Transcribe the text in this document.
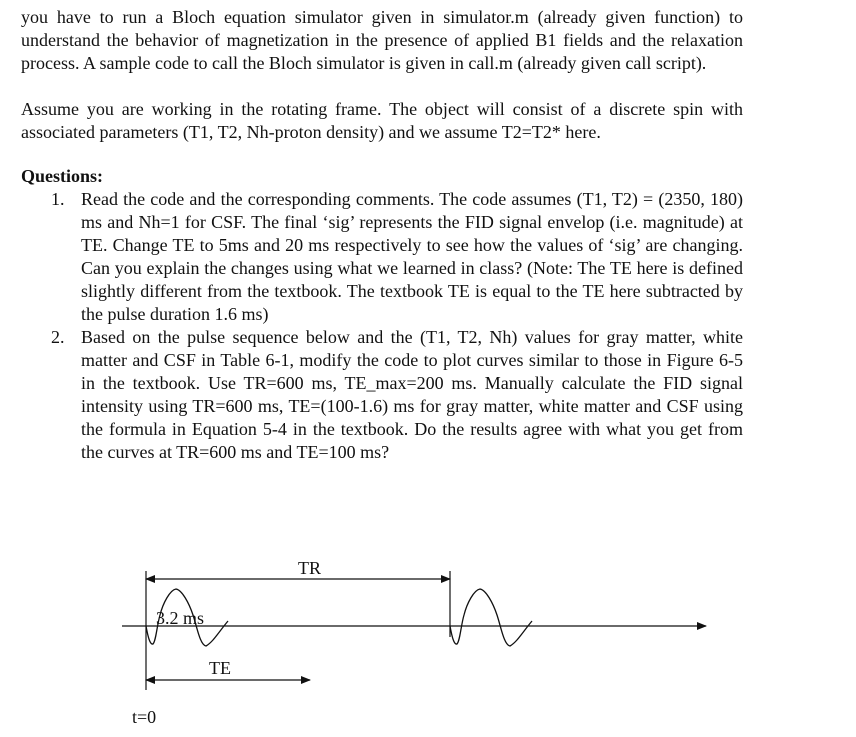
you have to run a Bloch equation simulator given in simulator.m (already given function) to understand the behavior of magnetization in the presence of applied B1 fields and the relaxation process. A sample code to call the Bloch simulator is given in call.m (already given call script).

Assume you are working in the rotating frame. The object will consist of a discrete spin with associated parameters (T1, T2, Nh-proton density) and we assume T2=T2* here.

Questions:
1. Read the code and the corresponding comments. The code assumes (T1, T2) = (2350, 180) ms and Nh=1 for CSF. The final ‘sig’ represents the FID signal envelop (i.e. magnitude) at TE. Change TE to 5ms and 20 ms respectively to see how the values of ‘sig’ are changing. Can you explain the changes using what we learned in class? (Note: The TE here is defined slightly different from the textbook. The textbook TE is equal to the TE here subtracted by the pulse duration 1.6 ms)
2. Based on the pulse sequence below and the (T1, T2, Nh) values for gray matter, white matter and CSF in Table 6-1, modify the code to plot curves similar to those in Figure 6-5 in the textbook. Use TR=600 ms, TE_max=200 ms. Manually calculate the FID signal intensity using TR=600 ms, TE=(100-1.6) ms for gray matter, white matter and CSF using the formula in Equation 5-4 in the textbook. Do the results agree with what you get from the curves at TR=600 ms and TE=100 ms?
TR
3.2 ms
TE
t=0
